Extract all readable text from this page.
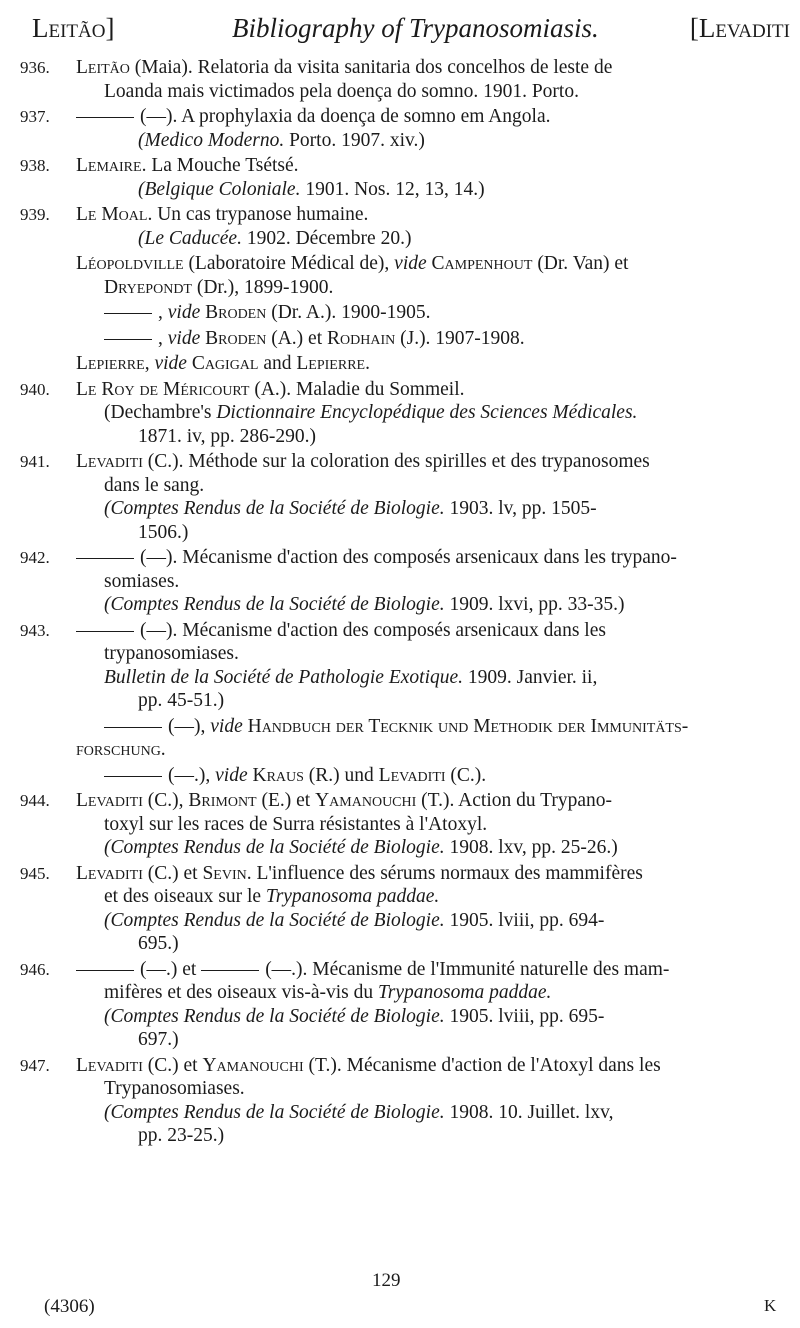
Leitão]	Bibliography of Trypanosomiasis.	[Levaditi
936.	Leitão (Maia). Relatoria da visita sanitaria dos concelhos de leste de
Loanda mais victimados pela doença do somno. 1901. Porto.
937.	(—). A prophylaxia da doença de somno em Angola.
(Medico Moderno. Porto. 1907. xiv.)
938.	Lemaire. La Mouche Tsétsé.
(Belgique Coloniale. 1901. Nos. 12, 13, 14.)
939.	Le Moal. Un cas trypanose humaine.
(Le Caducée. 1902. Décembre 20.)
Léopoldville (Laboratoire Médical de), vide Campenhout (Dr. Van) et
Dryepondt (Dr.), 1899-1900.
, vide Broden (Dr. A.). 1900-1905.
, vide Broden (A.) et Rodhain (J.). 1907-1908.
Lepierre, vide Cagigal and Lepierre.
940.	Le Roy de Méricourt (A.). Maladie du Sommeil.
(Dechambre's Dictionnaire Encyclopédique des Sciences Médicales.
1871. iv, pp. 286-290.)
941.	Levaditi (C.). Méthode sur la coloration des spirilles et des trypanosomes
dans le sang.
(Comptes Rendus de la Société de Biologie. 1903. lv, pp. 1505-
1506.)
942.	(—). Mécanisme d'action des composés arsenicaux dans les trypano-
somiases.
(Comptes Rendus de la Société de Biologie. 1909. lxvi, pp. 33-35.)
943.	(—). Mécanisme d'action des composés arsenicaux dans les
trypanosomiases.
Bulletin de la Société de Pathologie Exotique. 1909. Janvier. ii,
pp. 45-51.)
(—), vide Handbuch der Tecknik und Methodik der Immunitäts-
forschung.
(—.), vide Kraus (R.) und Levaditi (C.).
944.	Levaditi (C.), Brimont (E.) et Yamanouchi (T.). Action du Trypano-
toxyl sur les races de Surra résistantes à l'Atoxyl.
(Comptes Rendus de la Société de Biologie. 1908. lxv, pp. 25-26.)
945.	Levaditi (C.) et Sevin. L'influence des sérums normaux des mammifères
et des oiseaux sur le Trypanosoma paddae.
(Comptes Rendus de la Société de Biologie. 1905. lviii, pp. 694-
695.)
946.	(—.) et	(—.). Mécanisme de l'Immunité naturelle des mam-
mifères et des oiseaux vis-à-vis du Trypanosoma paddae.
(Comptes Rendus de la Société de Biologie. 1905. lviii, pp. 695-
697.)
947.	Levaditi (C.) et Yamanouchi (T.). Mécanisme d'action de l'Atoxyl dans les
Trypanosomiases.
(Comptes Rendus de la Société de Biologie. 1908. 10. Juillet. lxv,
pp. 23-25.)
129
(4306)	K
